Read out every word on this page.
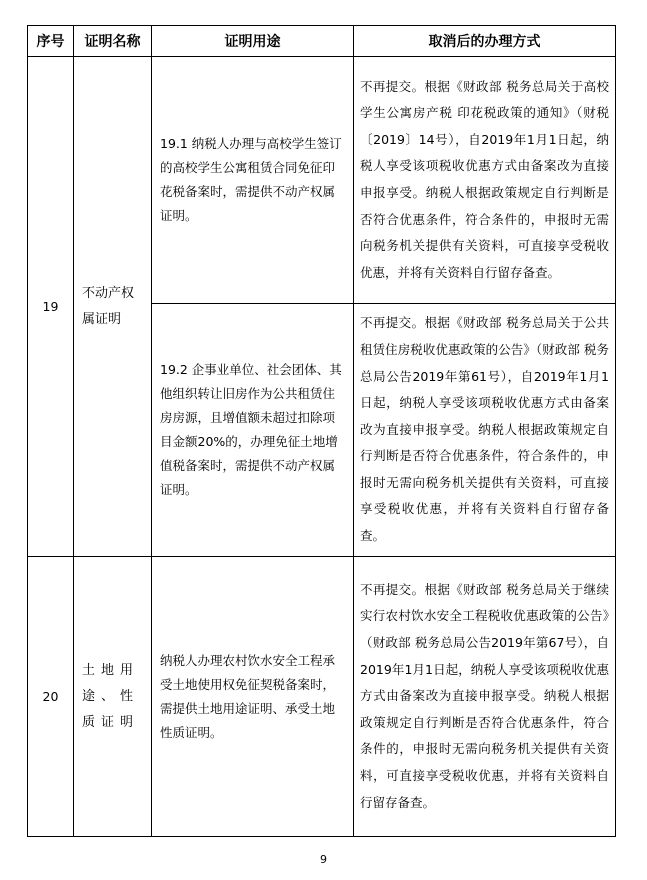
序号	证明名称	证明用途	取消后的办理方式
19	不动产权属证明	19.1 纳税人办理与高校学生签订的高校学生公寓租赁合同免征印花税备案时，需提供不动产权属证明。	不再提交。根据《财政部 税务总局关于高校学生公寓房产税 印花税政策的通知》（财税〔2019〕14号），自2019年1月1日起，纳税人享受该项税收优惠方式由备案改为直接申报享受。纳税人根据政策规定自行判断是否符合优惠条件，符合条件的，申报时无需向税务机关提供有关资料，可直接享受税收优惠，并将有关资料自行留存备查。
		19.2 企事业单位、社会团体、其他组织转让旧房作为公共租赁住房房源，且增值额未超过扣除项目金额20%的，办理免征土地增值税备案时，需提供不动产权属证明。	不再提交。根据《财政部 税务总局关于公共租赁住房税收优惠政策的公告》（财政部 税务总局公告2019年第61号），自2019年1月1日起，纳税人享受该项税收优惠方式由备案改为直接申报享受。纳税人根据政策规定自行判断是否符合优惠条件，符合条件的，申报时无需向税务机关提供有关资料，可直接享受税收优惠，并将有关资料自行留存备查。
20	土地用途、性质证明	纳税人办理农村饮水安全工程承受土地使用权免征契税备案时，需提供土地用途证明、承受土地性质证明。	不再提交。根据《财政部 税务总局关于继续实行农村饮水安全工程税收优惠政策的公告》（财政部 税务总局公告2019年第67号），自2019年1月1日起，纳税人享受该项税收优惠方式由备案改为直接申报享受。纳税人根据政策规定自行判断是否符合优惠条件，符合条件的，申报时无需向税务机关提供有关资料，可直接享受税收优惠，并将有关资料自行留存备查。
9
